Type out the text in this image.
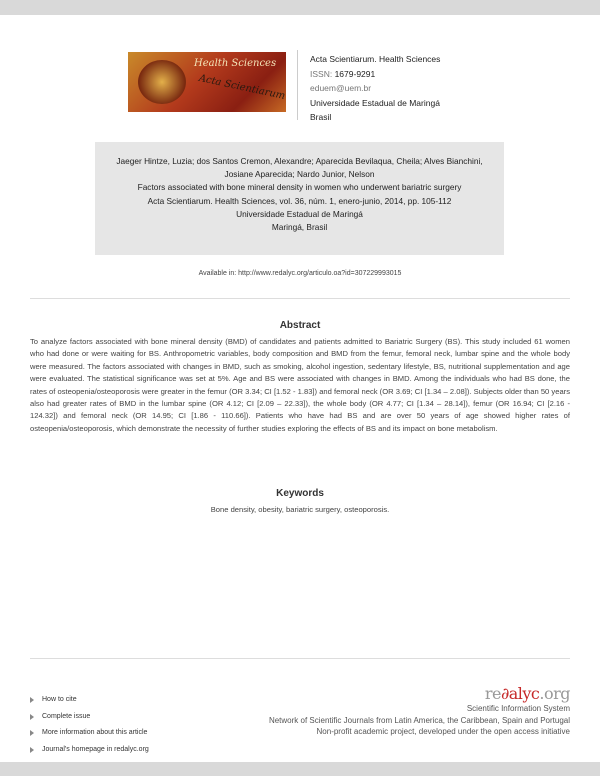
Health Sciences
Acta Scientiarum
Acta Scientiarum. Health Sciences
ISSN: 1679-9291
eduem@uem.br
Universidade Estadual de Maringá
Brasil
Jaeger Hintze, Luzia; dos Santos Cremon, Alexandre; Aparecida Bevilaqua, Cheila; Alves Bianchini, Josiane Aparecida; Nardo Junior, Nelson
Factors associated with bone mineral density in women who underwent bariatric surgery
Acta Scientiarum. Health Sciences, vol. 36, núm. 1, enero-junio, 2014, pp. 105-112
Universidade Estadual de Maringá
Maringá, Brasil
Available in: http://www.redalyc.org/articulo.oa?id=307229993015
Abstract
To analyze factors associated with bone mineral density (BMD) of candidates and patients admitted to Bariatric Surgery (BS). This study included 61 women who had done or were waiting for BS. Anthropometric variables, body composition and BMD from the femur, femoral neck, lumbar spine and the whole body were measured. The factors associated with changes in BMD, such as smoking, alcohol ingestion, sedentary lifestyle, BS, nutritional supplementation and age were evaluated. The statistical significance was set at 5%. Age and BS were associated with changes in BMD. Among the individuals who had BS done, the rates of osteopenia/osteoporosis were greater in the femur (OR 3.34; CI [1.52 - 1.83]) and femoral neck (OR 3.69; CI [1.34 – 2.08]). Subjects older than 50 years also had greater rates of BMD in the lumbar spine (OR 4.12; CI [2.09 – 22.33]), the whole body (OR 4.77; CI [1.34 – 28.14]), femur (OR 16.94; CI [2.16 - 124.32]) and femoral neck (OR 14.95; CI [1.86 - 110.66]). Patients who have had BS and are over 50 years of age showed higher rates of osteopenia/osteoporosis, which demonstrate the necessity of further studies exploring the effects of BS and its impact on bone metabolism.
Keywords
Bone density, obesity, bariatric surgery, osteoporosis.
How to cite
Complete issue
More information about this article
Journal's homepage in redalyc.org
re∂alyc.org
Scientific Information System
Network of Scientific Journals from Latin America, the Caribbean, Spain and Portugal
Non-profit academic project, developed under the open access initiative
